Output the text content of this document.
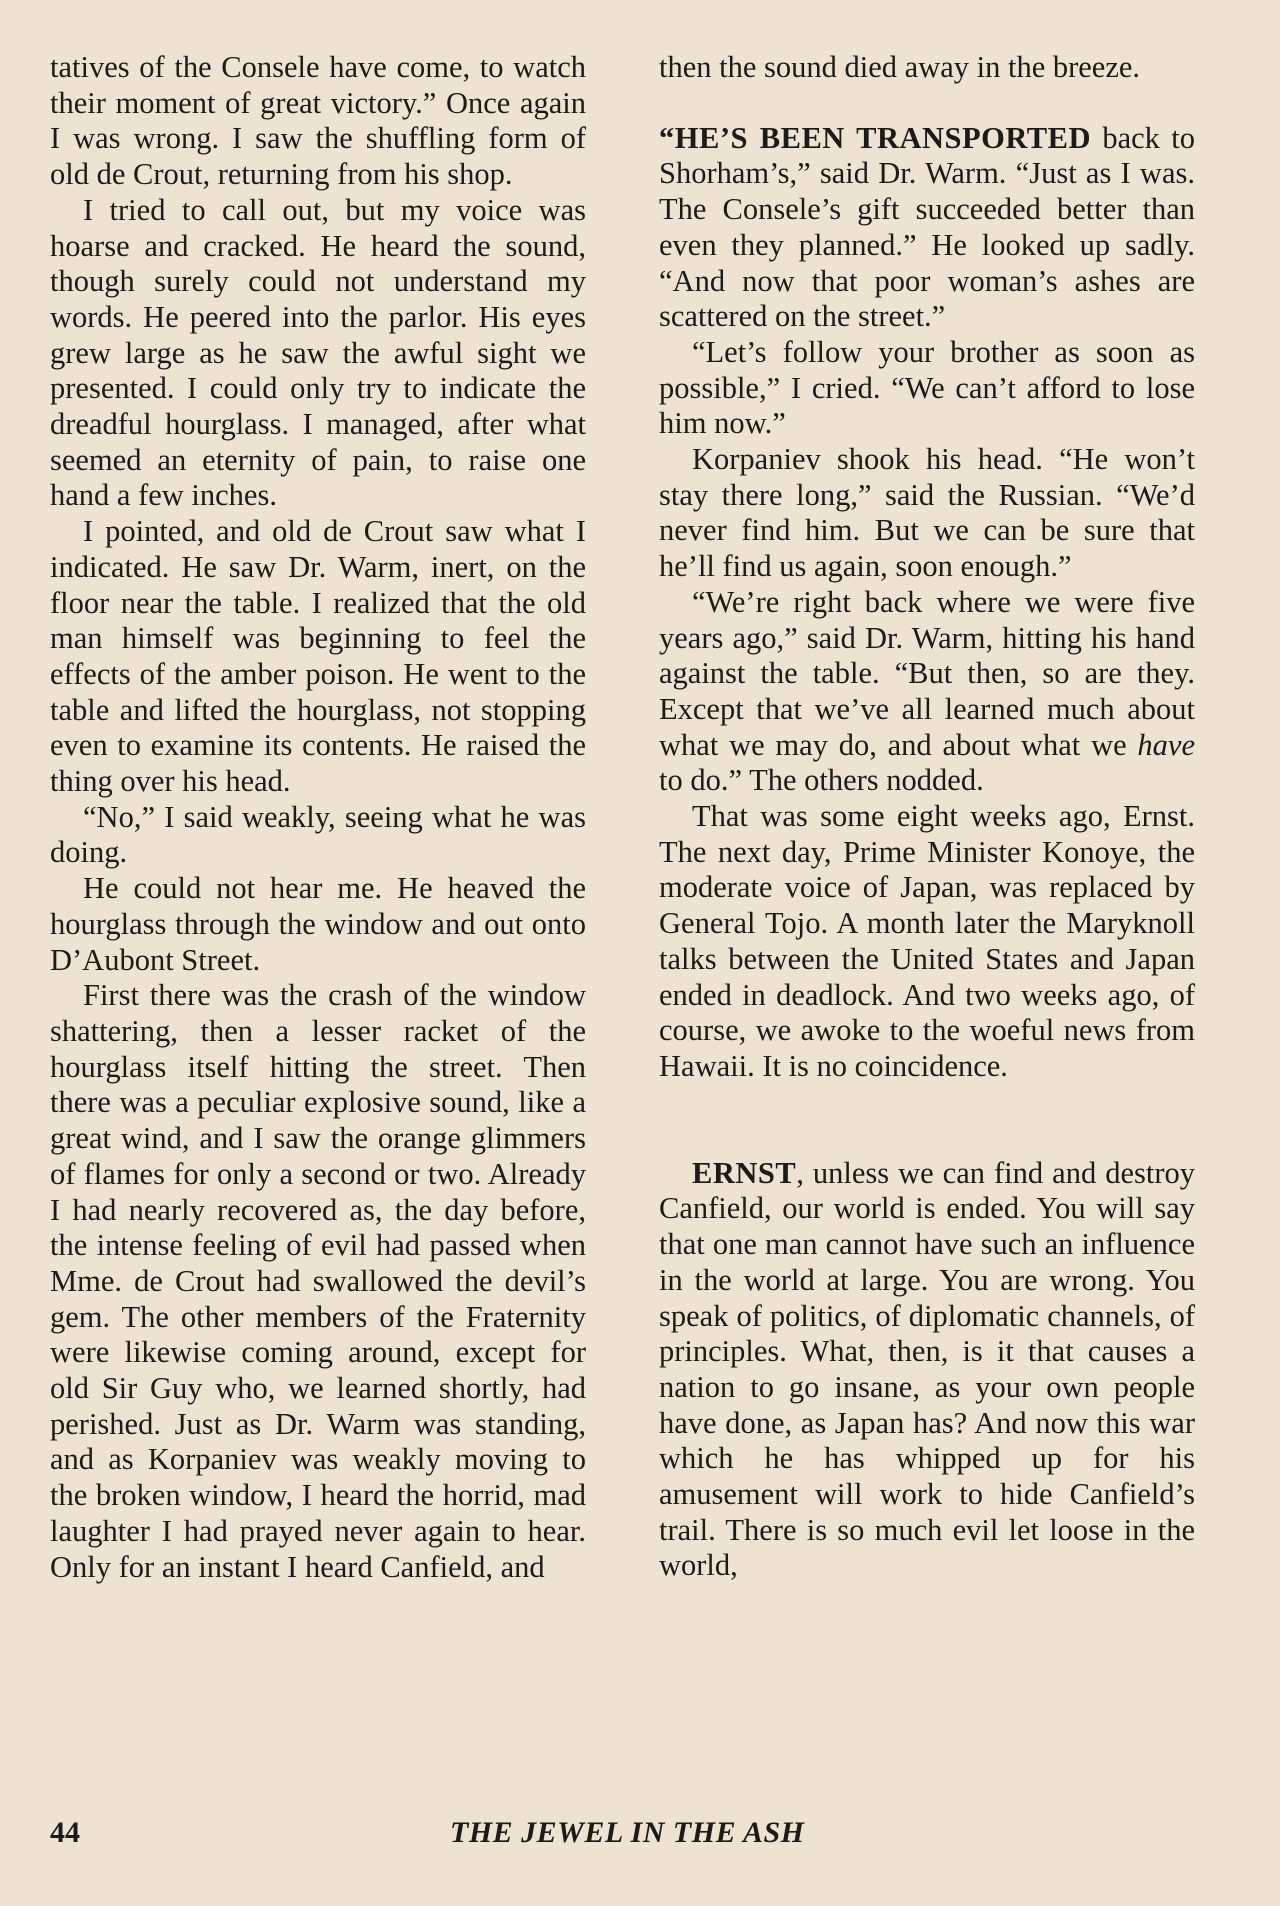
tatives of the Consele have come, to watch their moment of great victory.” Once again I was wrong. I saw the shuffling form of old de Crout, returning from his shop.

I tried to call out, but my voice was hoarse and cracked. He heard the sound, though surely could not understand my words. He peered into the parlor. His eyes grew large as he saw the awful sight we presented. I could only try to indicate the dreadful hourglass. I managed, after what seemed an eternity of pain, to raise one hand a few inches.

I pointed, and old de Crout saw what I indicated. He saw Dr. Warm, inert, on the floor near the table. I realized that the old man himself was beginning to feel the effects of the amber poison. He went to the table and lifted the hourglass, not stopping even to examine its contents. He raised the thing over his head.

“No,” I said weakly, seeing what he was doing.

He could not hear me. He heaved the hourglass through the window and out onto D’Aubont Street.

First there was the crash of the window shattering, then a lesser racket of the hourglass itself hitting the street. Then there was a peculiar explosive sound, like a great wind, and I saw the orange glimmers of flames for only a second or two. Already I had nearly recovered as, the day before, the intense feeling of evil had passed when Mme. de Crout had swallowed the devil’s gem. The other members of the Fraternity were likewise coming around, except for old Sir Guy who, we learned shortly, had perished. Just as Dr. Warm was standing, and as Korpaniev was weakly moving to the broken window, I heard the horrid, mad laughter I had prayed never again to hear. Only for an instant I heard Canfield, and

then the sound died away in the breeze.

“HE’S BEEN TRANSPORTED back to Shorham’s,” said Dr. Warm. “Just as I was. The Consele’s gift succeeded better than even they planned.” He looked up sadly. “And now that poor woman’s ashes are scattered on the street.”

“Let’s follow your brother as soon as possible,” I cried. “We can’t afford to lose him now.”

Korpaniev shook his head. “He won’t stay there long,” said the Russian. “We’d never find him. But we can be sure that he’ll find us again, soon enough.”

“We’re right back where we were five years ago,” said Dr. Warm, hitting his hand against the table. “But then, so are they. Except that we’ve all learned much about what we may do, and about what we have to do.” The others nodded.

That was some eight weeks ago, Ernst. The next day, Prime Minister Konoye, the moderate voice of Japan, was replaced by General Tojo. A month later the Maryknoll talks between the United States and Japan ended in deadlock. And two weeks ago, of course, we awoke to the woeful news from Hawaii. It is no coincidence.

ERNST, unless we can find and destroy Canfield, our world is ended. You will say that one man cannot have such an influence in the world at large. You are wrong. You speak of politics, of diplomatic channels, of principles. What, then, is it that causes a nation to go insane, as your own people have done, as Japan has? And now this war which he has whipped up for his amusement will work to hide Canfield’s trail. There is so much evil let loose in the world,

44	THE JEWEL IN THE ASH
